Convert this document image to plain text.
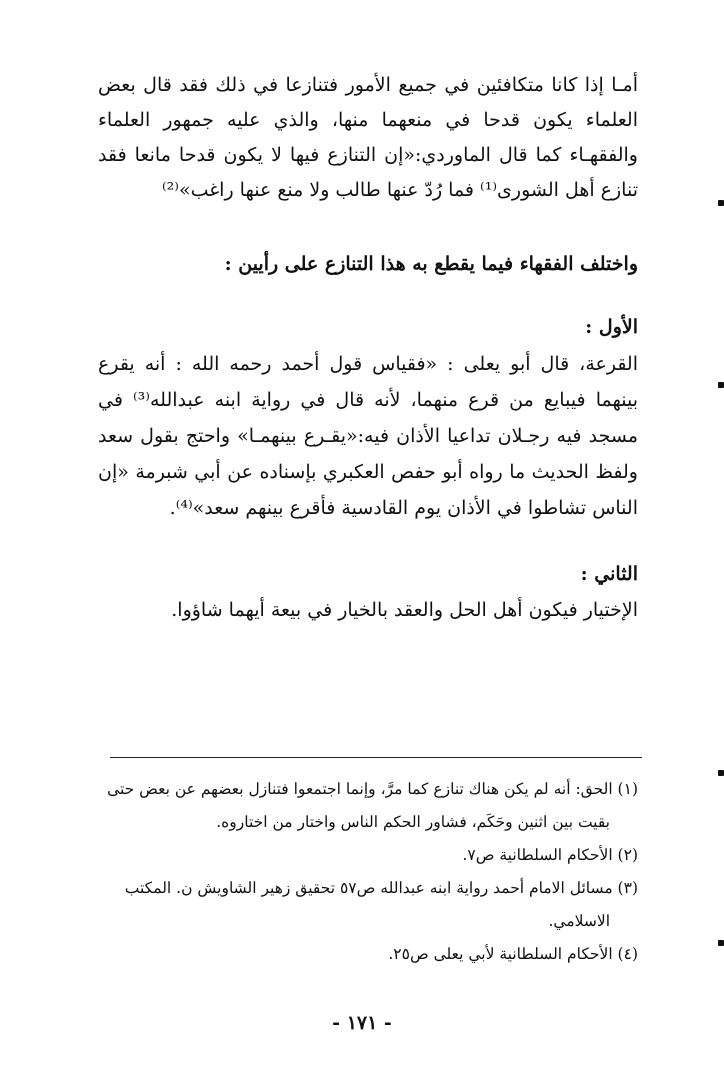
أمـا إذا كانا متكافئين في جميع الأمور فتنازعا في ذلك فقد قال بعض العلماء يكون قدحا في منعهما منها، والذي عليه جمهور العلماء والفقهـاء كما قال الماوردي:«إن التنازع فيها لا يكون قدحا مانعا فقد تنازع أهل الشورى⁽¹⁾ فما رُدّ عنها طالب ولا منع عنها راغب»⁽²⁾

واختلف الفقهاء فيما يقطع به هذا التنازع على رأيين :

الأول :

القرعة، قال أبو يعلى : «فقياس قول أحمد رحمه الله : أنه يقرع بينهما فيبايع من قرع منهما، لأنه قال في رواية ابنه عبدالله⁽³⁾ في مسجد فيه رجـلان تداعيا الأذان فيه:«يقـرع بينهمـا» واحتج بقول سعد ولفظ الحديث ما رواه أبو حفص العكبري بإسناده عن أبي شبرمة «إن الناس تشاطوا في الأذان يوم القادسية فأقرع بينهم سعد»⁽⁴⁾.

الثاني :

الإختيار فيكون أهل الحل والعقد بالخيار في بيعة أيهما شاؤوا.

(١) الحق: أنه لم يكن هناك تنازع كما مرَّ، وإنما اجتمعوا فتنازل بعضهم عن بعض حتى

بقيت بين اثنين وحَكَم، فشاور الحكم الناس واختار من اختاروه.

(٢) الأحكام السلطانية ص٧.

(٣) مسائل الامام أحمد رواية ابنه عبدالله ص٥٧ تحقيق زهير الشاويش ن. المكتب

الاسلامي.

(٤) الأحكام السلطانية لأبي يعلى ص٢٥.

- ١٧١ -
